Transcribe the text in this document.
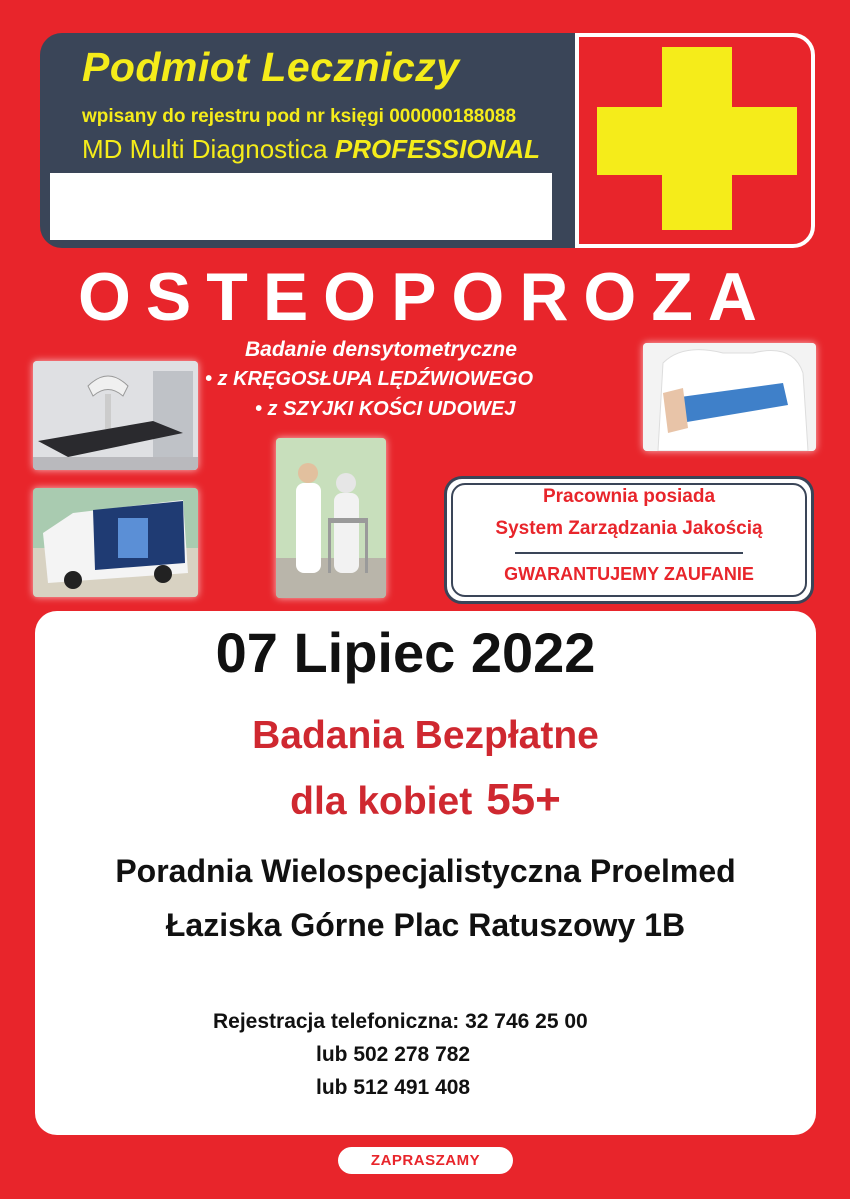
Podmiot Leczniczy
wpisany do rejestru pod nr księgi 000000188088
MD Multi Diagnostica PROFESSIONAL
OSTEOPOROZA
Badanie densytometryczne
• z KRĘGOSŁUPA LĘDŹWIOWEGO
• z SZYJKI KOŚCI UDOWEJ
Pracownia posiada
System Zarządzania Jakością
GWARANTUJEMY ZAUFANIE
07 Lipiec 2022
Badania Bezpłatne
dla kobiet 55+
Poradnia Wielospecjalistyczna Proelmed
Łaziska Górne Plac Ratuszowy 1B
Rejestracja telefoniczna: 32 746 25 00
lub 502 278 782
lub 512 491 408
ZAPRASZAMY
